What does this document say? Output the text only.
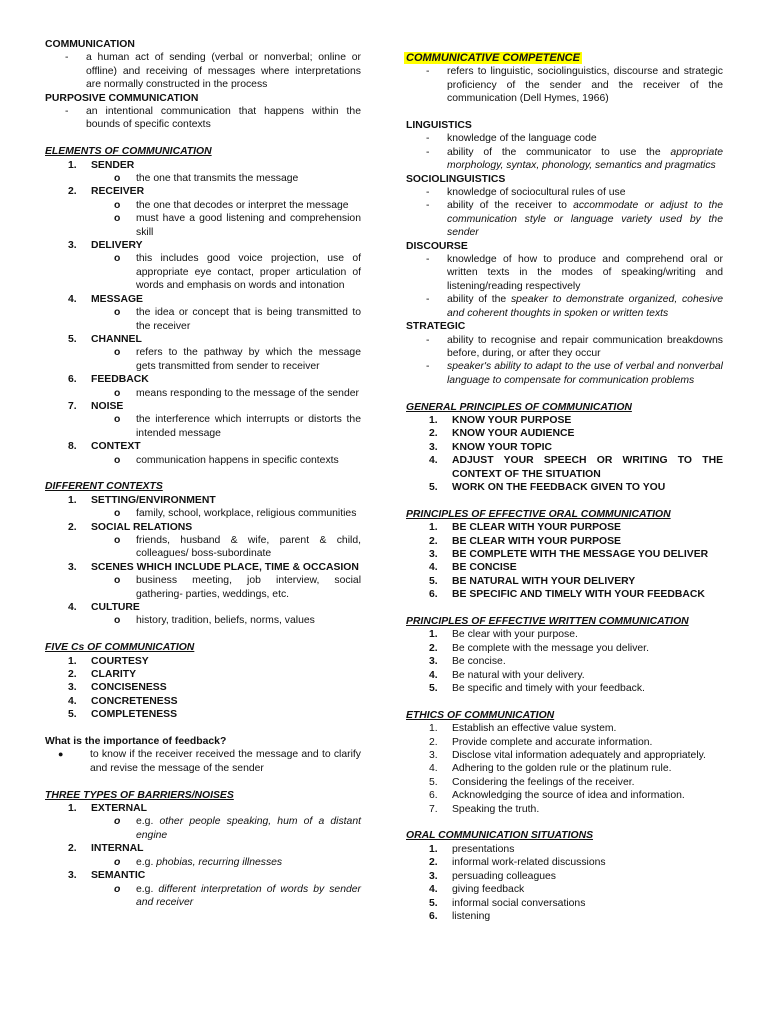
COMMUNICATION
-	a human act of sending (verbal or nonverbal; online or offline) and receiving of messages where interpretations are normally constructed in the process
PURPOSIVE COMMUNICATION
-	an intentional communication that happens within the bounds of specific contexts
ELEMENTS OF COMMUNICATION
1.	SENDER
o	the one that transmits the message
2.	RECEIVER
o	the one that decodes or interpret the message
o	must have a good listening and comprehension skill
3.	DELIVERY
o	this includes good voice projection, use of appropriate eye contact, proper articulation of words and emphasis on words and intonation
4.	MESSAGE
o	the idea or concept that is being transmitted to the receiver
5.	CHANNEL
o	refers to the pathway by which the message gets transmitted from sender to receiver
6.	FEEDBACK
o	means responding to the message of the sender
7.	NOISE
o	the interference which interrupts or distorts the intended message
8.	CONTEXT
o	communication happens in specific contexts
DIFFERENT CONTEXTS
1.	SETTING/ENVIRONMENT
o	family, school, workplace, religious communities
2.	SOCIAL RELATIONS
o	friends, husband & wife, parent & child, colleagues/ boss-subordinate
3.	SCENES WHICH INCLUDE PLACE, TIME & OCCASION
o	business meeting, job interview, social gathering- parties, weddings, etc.
4.	CULTURE
o	history, tradition, beliefs, norms, values
FIVE Cs OF COMMUNICATION
1.	COURTESY
2.	CLARITY
3.	CONCISENESS
4.	CONCRETENESS
5.	COMPLETENESS
What is the importance of feedback?
●	to know if the receiver received the message and to clarify and revise the message of the sender
THREE TYPES OF BARRIERS/NOISES
1.	EXTERNAL
o	e.g. other people speaking, hum of a distant engine
2.	INTERNAL
o	e.g. phobias, recurring illnesses
3.	SEMANTIC
o	e.g. different interpretation of words by sender and receiver
COMMUNICATIVE COMPETENCE
-	refers to linguistic, sociolinguistics, discourse and strategic proficiency of the sender and the receiver of the communication (Dell Hymes, 1966)
LINGUISTICS
-	knowledge of the language code
-	ability of the communicator to use the appropriate morphology, syntax, phonology, semantics and pragmatics
SOCIOLINGUISTICS
-	knowledge of sociocultural rules of use
-	ability of the receiver to accommodate or adjust to the communication style or language variety used by the sender
DISCOURSE
-	knowledge of how to produce and comprehend oral or written texts in the modes of speaking/writing and listening/reading respectively
-	ability of the speaker to demonstrate organized, cohesive and coherent thoughts in spoken or written texts
STRATEGIC
-	ability to recognise and repair communication breakdowns before, during, or after they occur
-	speaker's ability to adapt to the use of verbal and nonverbal language to compensate for communication problems
GENERAL PRINCIPLES OF COMMUNICATION
1.	KNOW YOUR PURPOSE
2.	KNOW YOUR AUDIENCE
3.	KNOW YOUR TOPIC
4.	ADJUST YOUR SPEECH OR WRITING TO THE CONTEXT OF THE SITUATION
5.	WORK ON THE FEEDBACK GIVEN TO YOU
PRINCIPLES OF EFFECTIVE ORAL COMMUNICATION
1.	BE CLEAR WITH YOUR PURPOSE
2.	BE CLEAR WITH YOUR PURPOSE
3.	BE COMPLETE WITH THE MESSAGE YOU DELIVER
4.	BE CONCISE
5.	BE NATURAL WITH YOUR DELIVERY
6.	BE SPECIFIC AND TIMELY WITH YOUR FEEDBACK
PRINCIPLES OF EFFECTIVE WRITTEN COMMUNICATION
1.	Be clear with your purpose.
2.	Be complete with the message you deliver.
3.	Be concise.
4.	Be natural with your delivery.
5.	Be specific and timely with your feedback.
ETHICS OF COMMUNICATION
1.	Establish an effective value system.
2.	Provide complete and accurate information.
3.	Disclose vital information adequately and appropriately.
4.	Adhering to the golden rule or the platinum rule.
5.	Considering the feelings of the receiver.
6.	Acknowledging the source of idea and information.
7.	Speaking the truth.
ORAL COMMUNICATION SITUATIONS
1.	presentations
2.	informal work-related discussions
3.	persuading colleagues
4.	giving feedback
5.	informal social conversations
6.	listening
